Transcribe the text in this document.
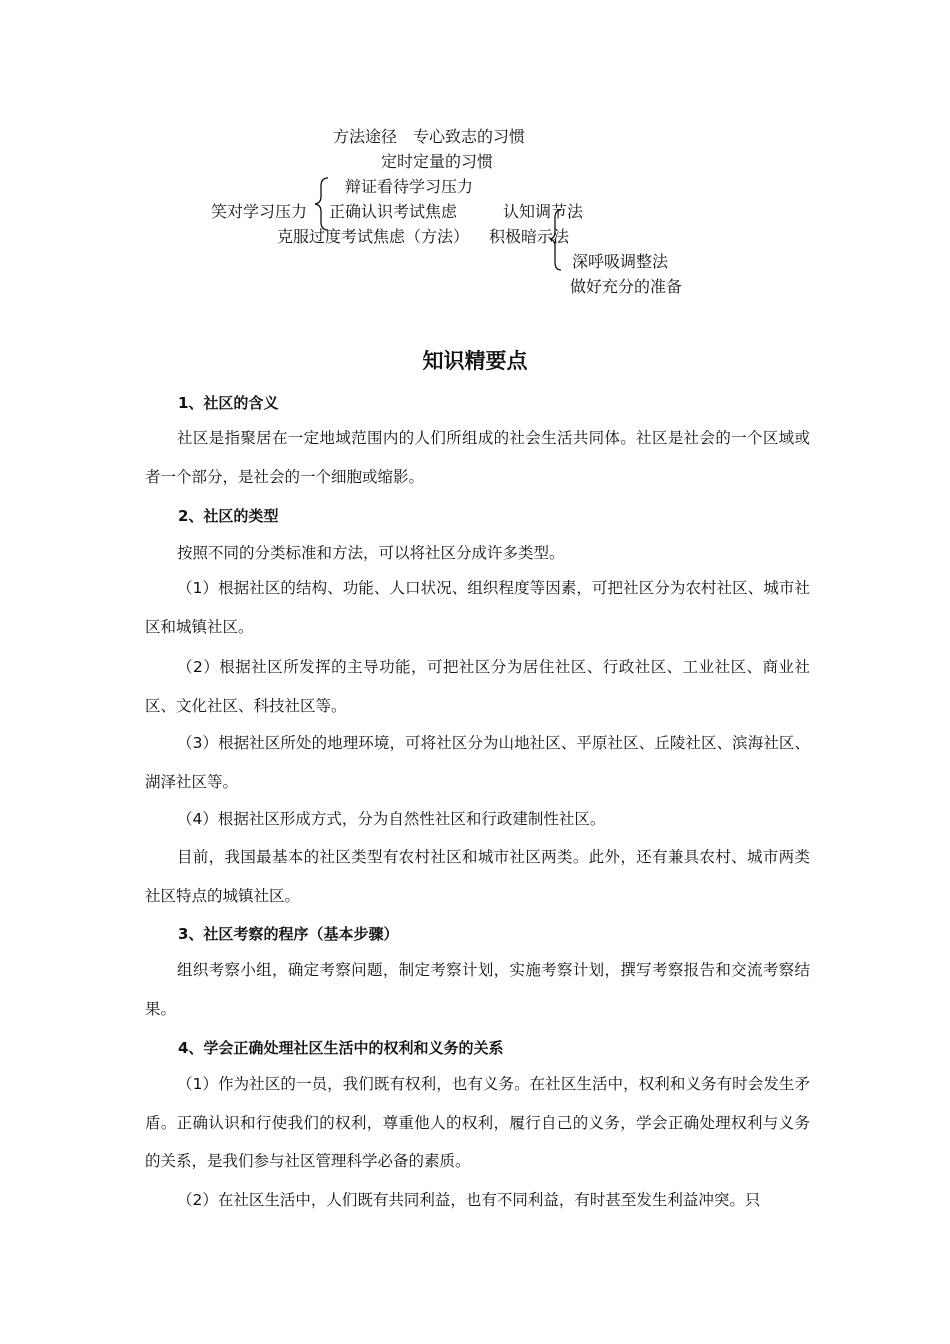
方法途径　专心致志的习惯
定时定量的习惯
辩证看待学习压力
笑对学习压力 正确认识考试焦虑	认知调节法
克服过度考试焦虑（方法） 积极暗示法
深呼吸调整法
做好充分的准备
知识精要点
1、社区的含义
社区是指聚居在一定地域范围内的人们所组成的社会生活共同体。社区是社会的一个区域或者一个部分，是社会的一个细胞或缩影。
2、社区的类型
按照不同的分类标准和方法，可以将社区分成许多类型。
（1）根据社区的结构、功能、人口状况、组织程度等因素，可把社区分为农村社区、城市社区和城镇社区。
（2）根据社区所发挥的主导功能，可把社区分为居住社区、行政社区、工业社区、商业社区、文化社区、科技社区等。
（3）根据社区所处的地理环境，可将社区分为山地社区、平原社区、丘陵社区、滨海社区、湖泽社区等。
（4）根据社区形成方式，分为自然性社区和行政建制性社区。
目前，我国最基本的社区类型有农村社区和城市社区两类。此外，还有兼具农村、城市两类社区特点的城镇社区。
3、社区考察的程序（基本步骤）
组织考察小组，确定考察问题，制定考察计划，实施考察计划，撰写考察报告和交流考察结果。
4、学会正确处理社区生活中的权利和义务的关系
（1）作为社区的一员，我们既有权利，也有义务。在社区生活中，权利和义务有时会发生矛盾。正确认识和行使我们的权利，尊重他人的权利，履行自己的义务，学会正确处理权利与义务的关系，是我们参与社区管理科学必备的素质。
（2）在社区生活中，人们既有共同利益，也有不同利益，有时甚至发生利益冲突。只
